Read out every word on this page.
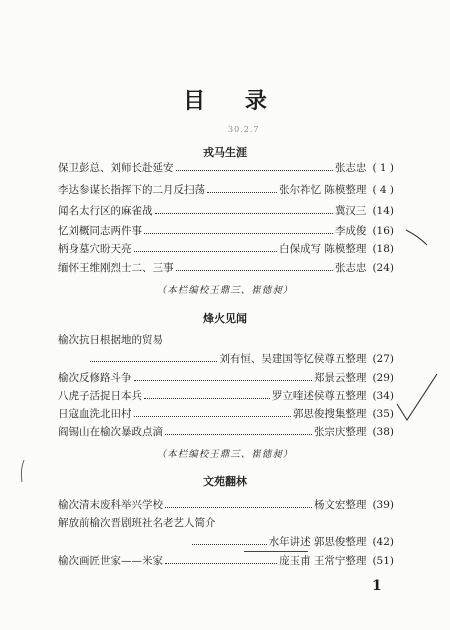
目 录
30.2.7
戎马生涯
保卫彭总、刘师长赴延安	张志忠 ( 1 )
李达参谋长指挥下的二月反扫荡	张尔祚忆 陈模整理 ( 4 )
闻名太行区的麻雀战	冀汉三 (14)
忆刘概同志两件事	李成俊 (16)
柄身墓穴盼天亮	白保成写 陈模整理 (18)
缅怀王维刚烈士二、三事	张志忠 (24)
（本栏编校王鼎三、崔德昶）
烽火见闻
榆次抗日根据地的贸易
刘有恒、吴建国等忆侯尊五整理 (27)
榆次反修路斗争	郑景云整理 (29)
八虎子活捉日本兵	罗立喹述侯尊五整理 (34)
日寇血洗北田村	郭思俊搜集整理 (35)
阎锡山在榆次暴政点滴	张宗庆整理 (38)
（本栏编校王鼎三、崔德昶）
文苑翻林
榆次清末废科举兴学校	杨文宏整理 (39)
解放前榆次晋剧班社名老艺人简介
水年讲述 郭思俊整理 (42)
榆次画匠世家——米家	庞玉甫 王常宁整理 (51)
1
